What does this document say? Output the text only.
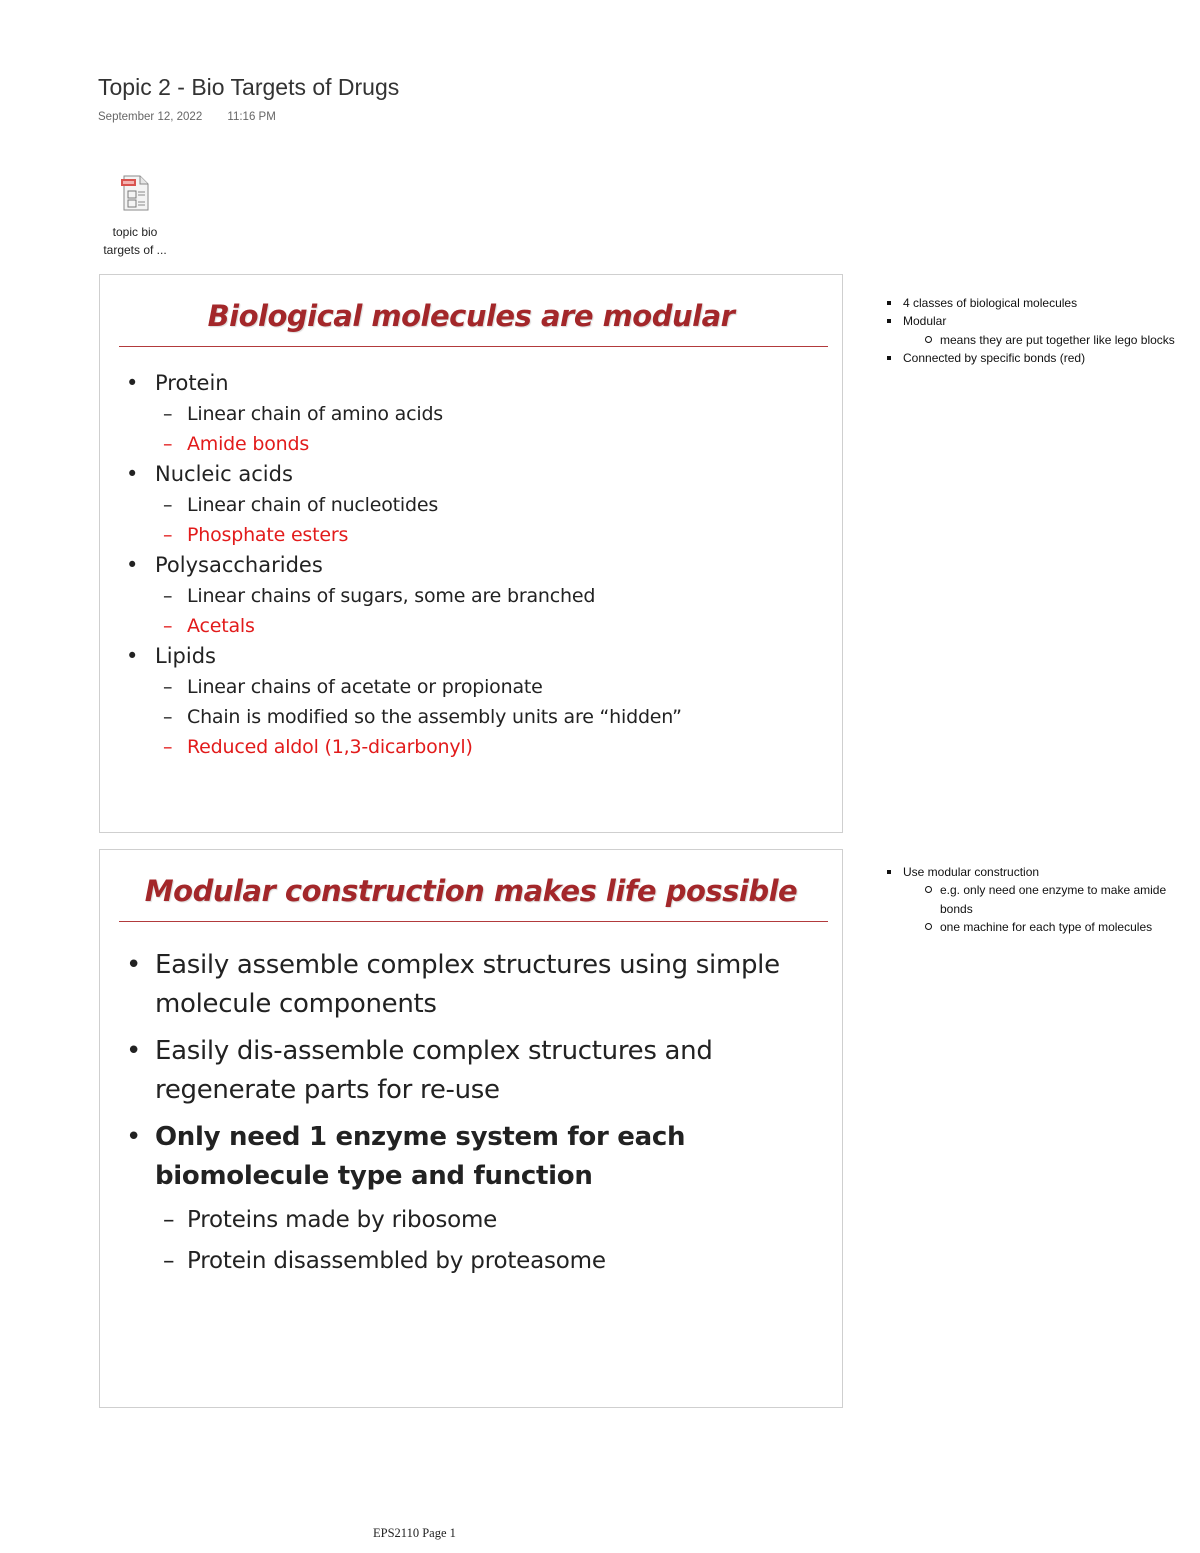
Topic 2 - Bio Targets of Drugs
September 12, 2022 11:16 PM
topic bio
targets of ...
Biological molecules are modular
• Protein
– Linear chain of amino acids
– Amide bonds
• Nucleic acids
– Linear chain of nucleotides
– Phosphate esters
• Polysaccharides
– Linear chains of sugars, some are branched
– Acetals
• Lipids
– Linear chains of acetate or propionate
– Chain is modified so the assembly units are “hidden”
– Reduced aldol (1,3-dicarbonyl)
4 classes of biological molecules
Modular
means they are put together like lego blocks
Connected by specific bonds (red)
Modular construction makes life possible
• Easily assemble complex structures using simple molecule components
• Easily dis-assemble complex structures and regenerate parts for re-use
• Only need 1 enzyme system for each biomolecule type and function
– Proteins made by ribosome
– Protein disassembled by proteasome
Use modular construction
e.g. only need one enzyme to make amide bonds
one machine for each type of molecules
EPS2110 Page 1
